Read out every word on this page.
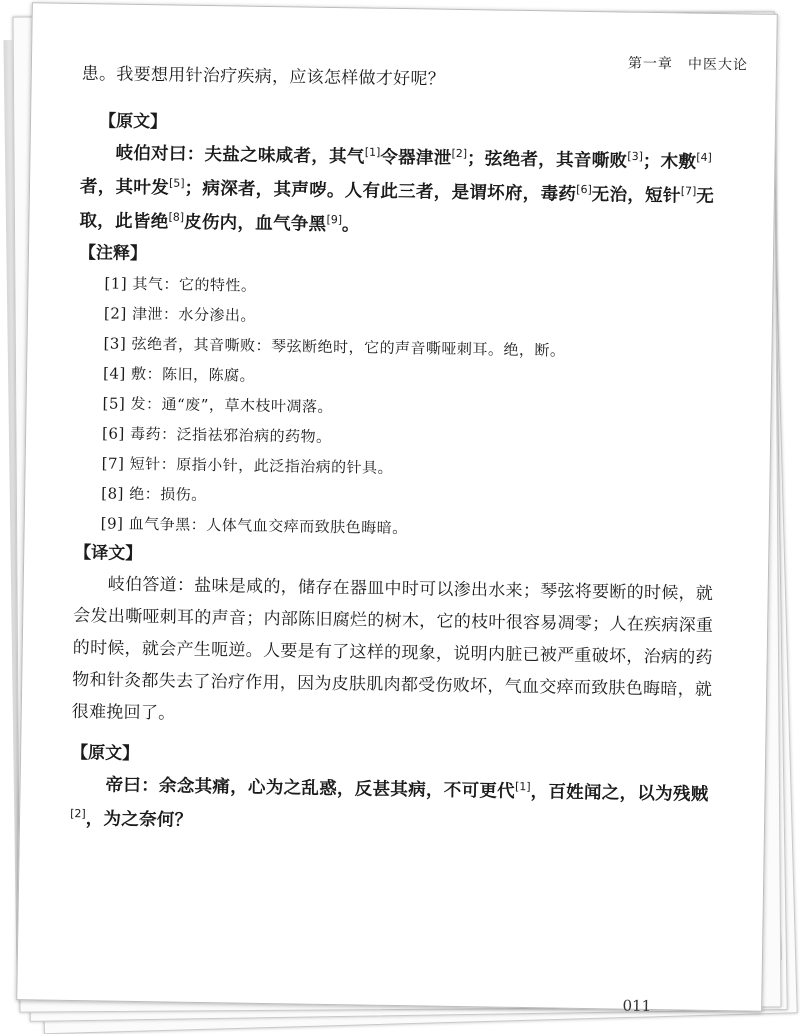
第一章　中医大论

患。我要想用针治疗疾病，应该怎样做才好呢？

【原文】

岐伯对曰：夫盐之味咸者，其气[1]令器津泄[2]；弦绝者，其音嘶败[3]；木敷[4]者，其叶发[5]；病深者，其声哕。人有此三者，是谓坏府，毒药[6]无治，短针[7]无取，此皆绝[8]皮伤内，血气争黑[9]。

【注释】

[1] 其气：它的特性。
[2] 津泄：水分渗出。
[3] 弦绝者，其音嘶败：琴弦断绝时，它的声音嘶哑刺耳。绝，断。
[4] 敷：陈旧，陈腐。
[5] 发：通“废”，草木枝叶凋落。
[6] 毒药：泛指祛邪治病的药物。
[7] 短针：原指小针，此泛指治病的针具。
[8] 绝：损伤。
[9] 血气争黑：人体气血交瘁而致肤色晦暗。

【译文】

岐伯答道：盐味是咸的，储存在器皿中时可以渗出水来；琴弦将要断的时候，就会发出嘶哑刺耳的声音；内部陈旧腐烂的树木，它的枝叶很容易凋零；人在疾病深重的时候，就会产生呃逆。人要是有了这样的现象，说明内脏已被严重破坏，治病的药物和针灸都失去了治疗作用，因为皮肤肌肉都受伤败坏，气血交瘁而致肤色晦暗，就很难挽回了。

【原文】

帝曰：余念其痛，心为之乱惑，反甚其病，不可更代[1]，百姓闻之，以为残贼[2]，为之奈何？

011
